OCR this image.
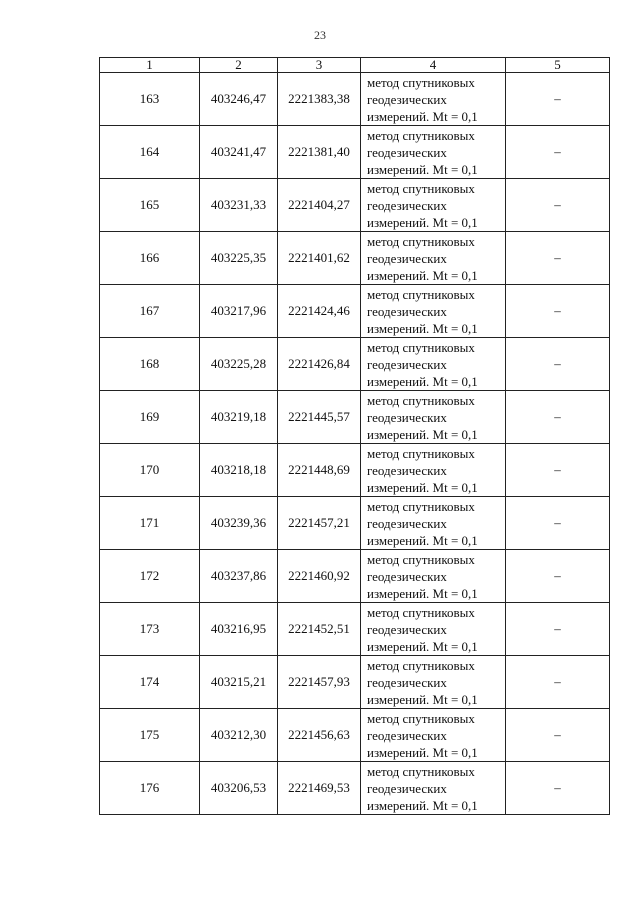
23
1	2	3	4	5
163	403246,47	2221383,38	метод спутниковых
геодезических
измерений. Mt = 0,1	–
164	403241,47	2221381,40	метод спутниковых
геодезических
измерений. Mt = 0,1	–
165	403231,33	2221404,27	метод спутниковых
геодезических
измерений. Mt = 0,1	–
166	403225,35	2221401,62	метод спутниковых
геодезических
измерений. Mt = 0,1	–
167	403217,96	2221424,46	метод спутниковых
геодезических
измерений. Mt = 0,1	–
168	403225,28	2221426,84	метод спутниковых
геодезических
измерений. Mt = 0,1	–
169	403219,18	2221445,57	метод спутниковых
геодезических
измерений. Mt = 0,1	–
170	403218,18	2221448,69	метод спутниковых
геодезических
измерений. Mt = 0,1	–
171	403239,36	2221457,21	метод спутниковых
геодезических
измерений. Mt = 0,1	–
172	403237,86	2221460,92	метод спутниковых
геодезических
измерений. Mt = 0,1	–
173	403216,95	2221452,51	метод спутниковых
геодезических
измерений. Mt = 0,1	–
174	403215,21	2221457,93	метод спутниковых
геодезических
измерений. Mt = 0,1	–
175	403212,30	2221456,63	метод спутниковых
геодезических
измерений. Mt = 0,1	–
176	403206,53	2221469,53	метод спутниковых
геодезических
измерений. Mt = 0,1	–
